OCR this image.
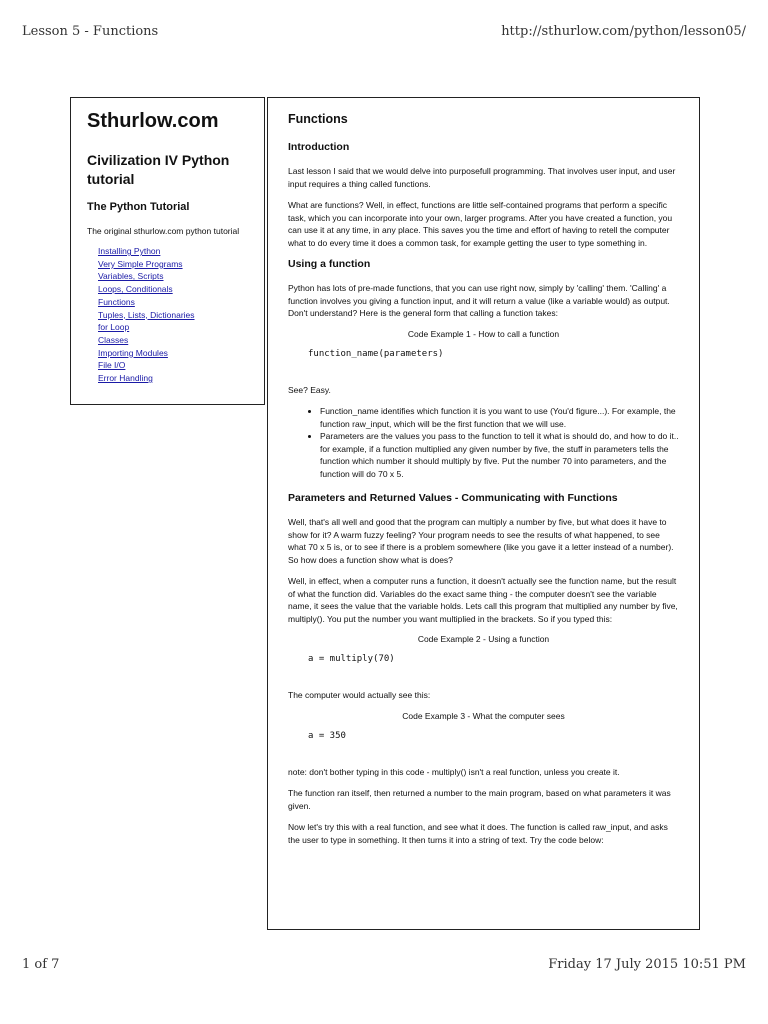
Lesson 5 - Functions	http://sthurlow.com/python/lesson05/
Sthurlow.com
Civilization IV Python tutorial
The Python Tutorial
The original sthurlow.com python tutorial
Installing Python
Very Simple Programs
Variables, Scripts
Loops, Conditionals
Functions
Tuples, Lists, Dictionaries
for Loop
Classes
Importing Modules
File I/O
Error Handling
Functions
Introduction

Last lesson I said that we would delve into purposefull programming. That involves user input, and user input requires a thing called functions.

What are functions? Well, in effect, functions are little self-contained programs that perform a specific task, which you can incorporate into your own, larger programs. After you have created a function, you can use it at any time, in any place. This saves you the time and effort of having to retell the computer what to do every time it does a common task, for example getting the user to type something in.

Using a function

Python has lots of pre-made functions, that you can use right now, simply by 'calling' them. 'Calling' a function involves you giving a function input, and it will return a value (like a variable would) as output. Don't understand? Here is the general form that calling a function takes:

Code Example 1 - How to call a function
function_name(parameters)

See? Easy.

• Function_name identifies which function it is you want to use (You'd figure...). For example, the function raw_input, which will be the first function that we will use.
• Parameters are the values you pass to the function to tell it what is should do, and how to do it.. for example, if a function multiplied any given number by five, the stuff in parameters tells the function which number it should multiply by five. Put the number 70 into parameters, and the function will do 70 x 5.
Parameters and Returned Values - Communicating with Functions

Well, that's all well and good that the program can multiply a number by five, but what does it have to show for it? A warm fuzzy feeling? Your program needs to see the results of what happened, to see what 70 x 5 is, or to see if there is a problem somewhere (like you gave it a letter instead of a number). So how does a function show what is does?

Well, in effect, when a computer runs a function, it doesn't actually see the function name, but the result of what the function did. Variables do the exact same thing - the computer doesn't see the variable name, it sees the value that the variable holds. Lets call this program that multiplied any number by five, multiply(). You put the number you want multiplied in the brackets. So if you typed this:

Code Example 2 - Using a function
a = multiply(70)

The computer would actually see this:

Code Example 3 - What the computer sees
a = 350

note: don't bother typing in this code - multiply() isn't a real function, unless you create it.

The function ran itself, then returned a number to the main program, based on what parameters it was given.

Now let's try this with a real function, and see what it does. The function is called raw_input, and asks the user to type in something. It then turns it into a string of text. Try the code below:

1 of 7	Friday 17 July 2015 10:51 PM
